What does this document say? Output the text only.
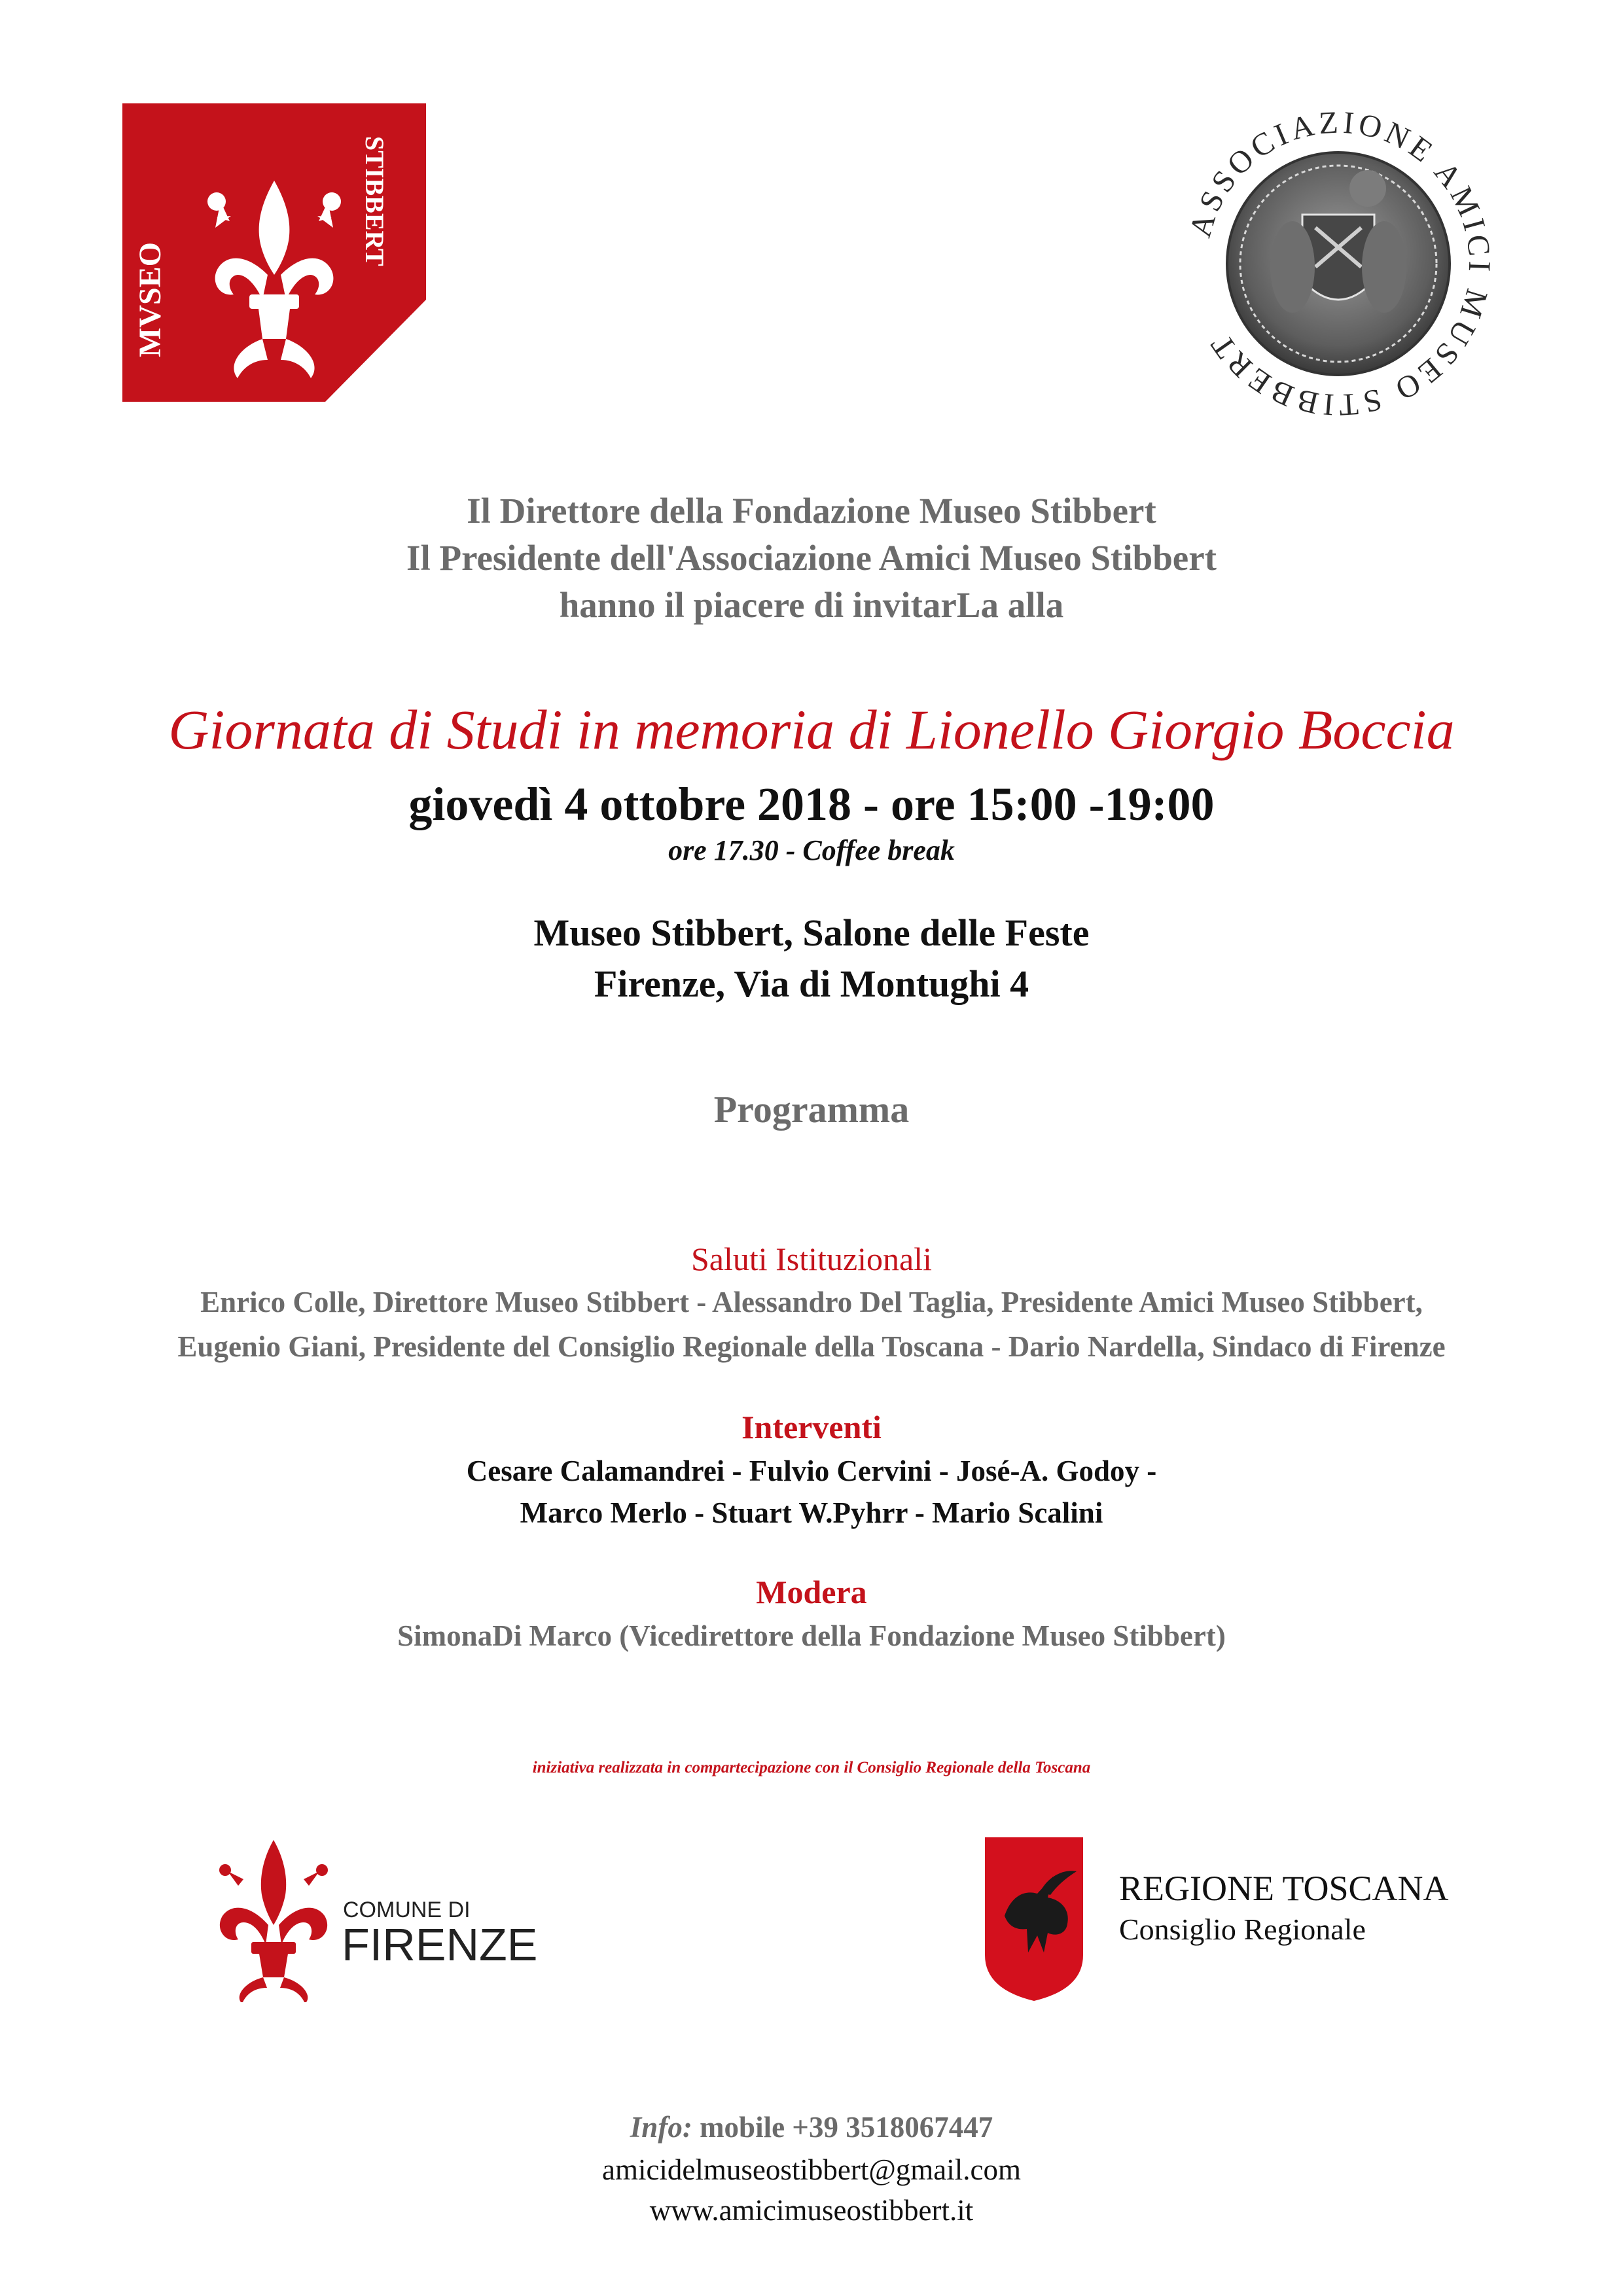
MVSEO
STIBBERT	ASSOCIAZIONE AMICI MUSEO STIBBERT
Il Direttore della Fondazione Museo Stibbert
Il Presidente dell'Associazione Amici Museo Stibbert
hanno il piacere di invitarLa alla
Giornata di Studi in memoria di Lionello Giorgio Boccia
giovedì 4 ottobre 2018 - ore 15:00 -19:00
ore 17.30 - Coffee break
Museo Stibbert, Salone delle Feste
Firenze, Via di Montughi 4
Programma
Saluti Istituzionali
Enrico Colle, Direttore Museo Stibbert - Alessandro Del Taglia, Presidente Amici Museo Stibbert,
Eugenio Giani, Presidente del Consiglio Regionale della Toscana - Dario Nardella, Sindaco di Firenze
Interventi
Cesare Calamandrei - Fulvio Cervini - José-A. Godoy -
Marco Merlo - Stuart W.Pyhrr - Mario Scalini
Modera
SimonaDi Marco (Vicedirettore della Fondazione Museo Stibbert)
iniziativa realizzata in compartecipazione con il Consiglio Regionale della Toscana
COMUNE DI
FIRENZE
REGIONE TOSCANA
Consiglio Regionale
Info: mobile +39 3518067447
amicidelmuseostibbert@gmail.com
www.amicimuseostibbert.it
